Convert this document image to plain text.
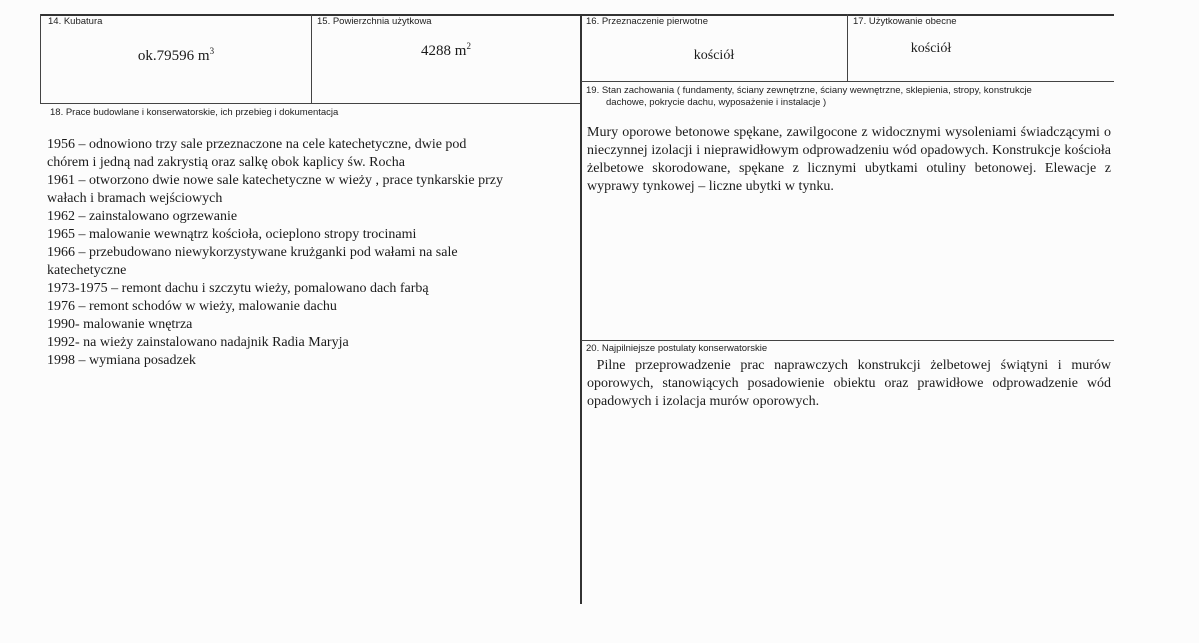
14. Kubatura
ok.79596 $m^3$
15. Powierzchnia użytkowa
4288 $m^2$
16. Przeznaczenie pierwotne
kościół
17. Użytkowanie obecne
kościół
18. Prace budowlane i konserwatorskie, ich przebieg i dokumentacja
1956 – odnowiono trzy sale przeznaczone na cele katechetyczne, dwie pod
chórem i jedną nad zakrystią oraz salkę obok kaplicy św. Rocha
1961 – otworzono dwie nowe sale katechetyczne w wieży , prace tynkarskie przy
wałach i bramach wejściowych
1962 – zainstalowano ogrzewanie
1965 – malowanie wewnątrz kościoła, ocieplono stropy trocinami
1966 – przebudowano niewykorzystywane krużganki pod wałami na sale
katechetyczne
1973-1975 – remont dachu i szczytu wieży, pomalowano dach farbą
1976 – remont schodów w wieży, malowanie dachu
1990- malowanie wnętrza
1992- na wieży zainstalowano nadajnik Radia Maryja
1998 – wymiana posadzek
19. Stan zachowania ( fundamenty, ściany zewnętrzne, ściany wewnętrzne, sklepienia, stropy, konstrukcje
dachowe, pokrycie dachu, wyposażenie i instalacje )
Mury oporowe betonowe spękane, zawilgocone z widocznymi wysoleniami świadczącymi o nieczynnej izolacji i nieprawidłowym odprowadzeniu wód opadowych. Konstrukcje kościoła żelbetowe skorodowane, spękane z licznymi ubytkami otuliny betonowej. Elewacje z wyprawy tynkowej – liczne ubytki w tynku.
20. Najpilniejsze postulaty konserwatorskie
Pilne przeprowadzenie prac naprawczych konstrukcji żelbetowej świątyni i murów oporowych, stanowiących posadowienie obiektu oraz prawidłowe odprowadzenie wód opadowych i izolacja murów oporowych.
